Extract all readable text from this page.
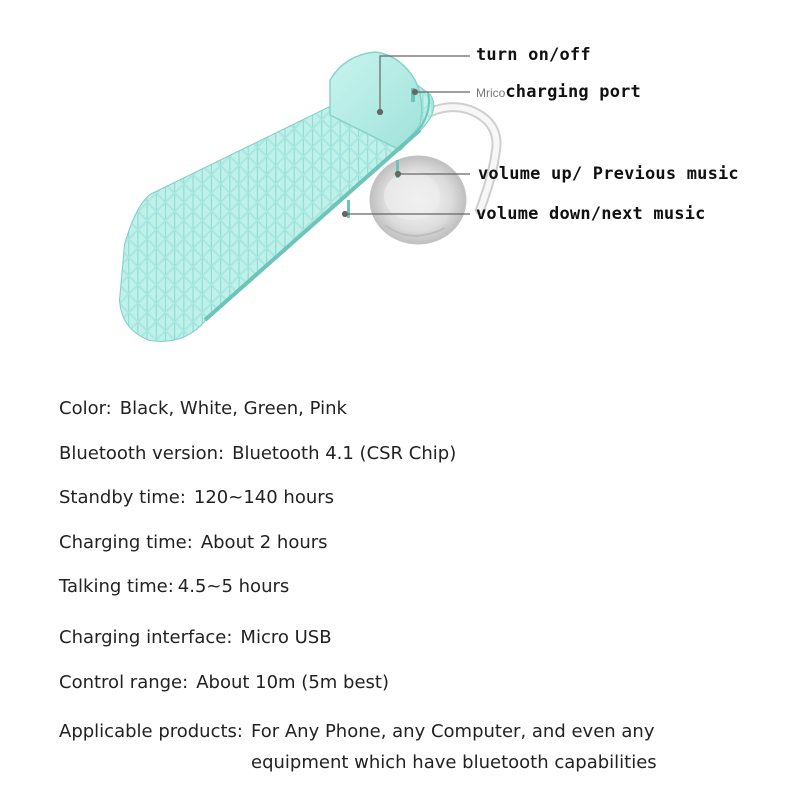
turn on/off
Mricocharging port
volume up/ Previous music
volume down/next music
Color: Black, White, Green, Pink
Bluetooth version: Bluetooth 4.1 (CSR Chip)
Standby time: 120~140 hours
Charging time: About 2 hours
Talking time: 4.5~5 hours
Charging interface: Micro USB
Control range: About 10m (5m best)
Applicable products: For Any Phone, any Computer, and even any
equipment which have bluetooth capabilities
